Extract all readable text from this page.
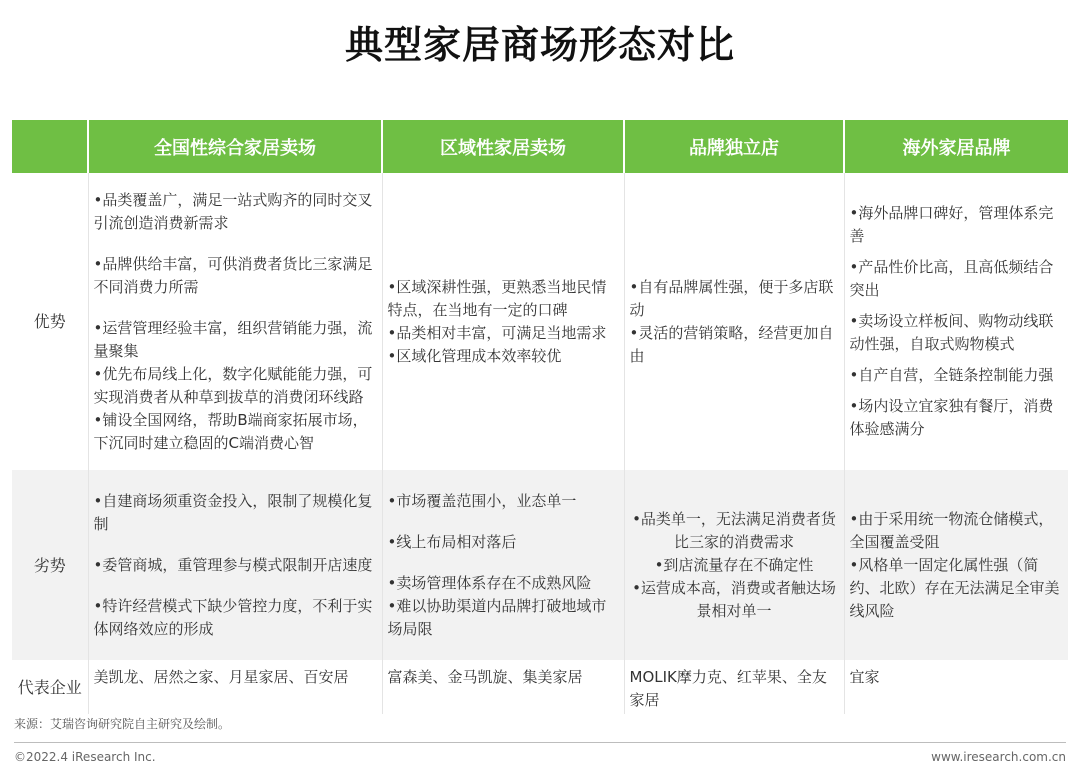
典型家居商场形态对比
	全国性综合家居卖场	区域性家居卖场	品牌独立店	海外家居品牌
优势	•品类覆盖广，满足一站式购齐的同时交叉引流创造消费新需求
•品牌供给丰富，可供消费者货比三家满足不同消费力所需
•运营管理经验丰富，组织营销能力强，流量聚集
•优先布局线上化，数字化赋能能力强，可实现消费者从种草到拔草的消费闭环线路
•铺设全国网络，帮助B端商家拓展市场，下沉同时建立稳固的C端消费心智	•区域深耕性强，更熟悉当地民情特点，在当地有一定的口碑
•品类相对丰富，可满足当地需求
•区域化管理成本效率较优	•自有品牌属性强，便于多店联动
•灵活的营销策略，经营更加自由	•海外品牌口碑好，管理体系完善
•产品性价比高，且高低频结合突出
•卖场设立样板间、购物动线联动性强，自取式购物模式
•自产自营，全链条控制能力强
•场内设立宜家独有餐厅，消费体验感满分

劣势	•自建商场须重资金投入，限制了规模化复制
•委管商城，重管理参与模式限制开店速度
•特许经营模式下缺少管控力度，不利于实体网络效应的形成	•市场覆盖范围小，业态单一
•线上布局相对落后
•卖场管理体系存在不成熟风险
•难以协助渠道内品牌打破地域市场局限	•品类单一，无法满足消费者货比三家的消费需求
•到店流量存在不确定性
•运营成本高，消费或者触达场景相对单一	•由于采用统一物流仓储模式，全国覆盖受阻
•风格单一固定化属性强（简约、北欧）存在无法满足全审美线风险

代表企业	美凯龙、居然之家、月星家居、百安居	富森美、金马凯旋、集美家居	MOLIK摩力克、红苹果、全友家居	宜家
来源：艾瑞咨询研究院自主研究及绘制。
©2022.4 iResearch Inc.	www.iresearch.com.cn
